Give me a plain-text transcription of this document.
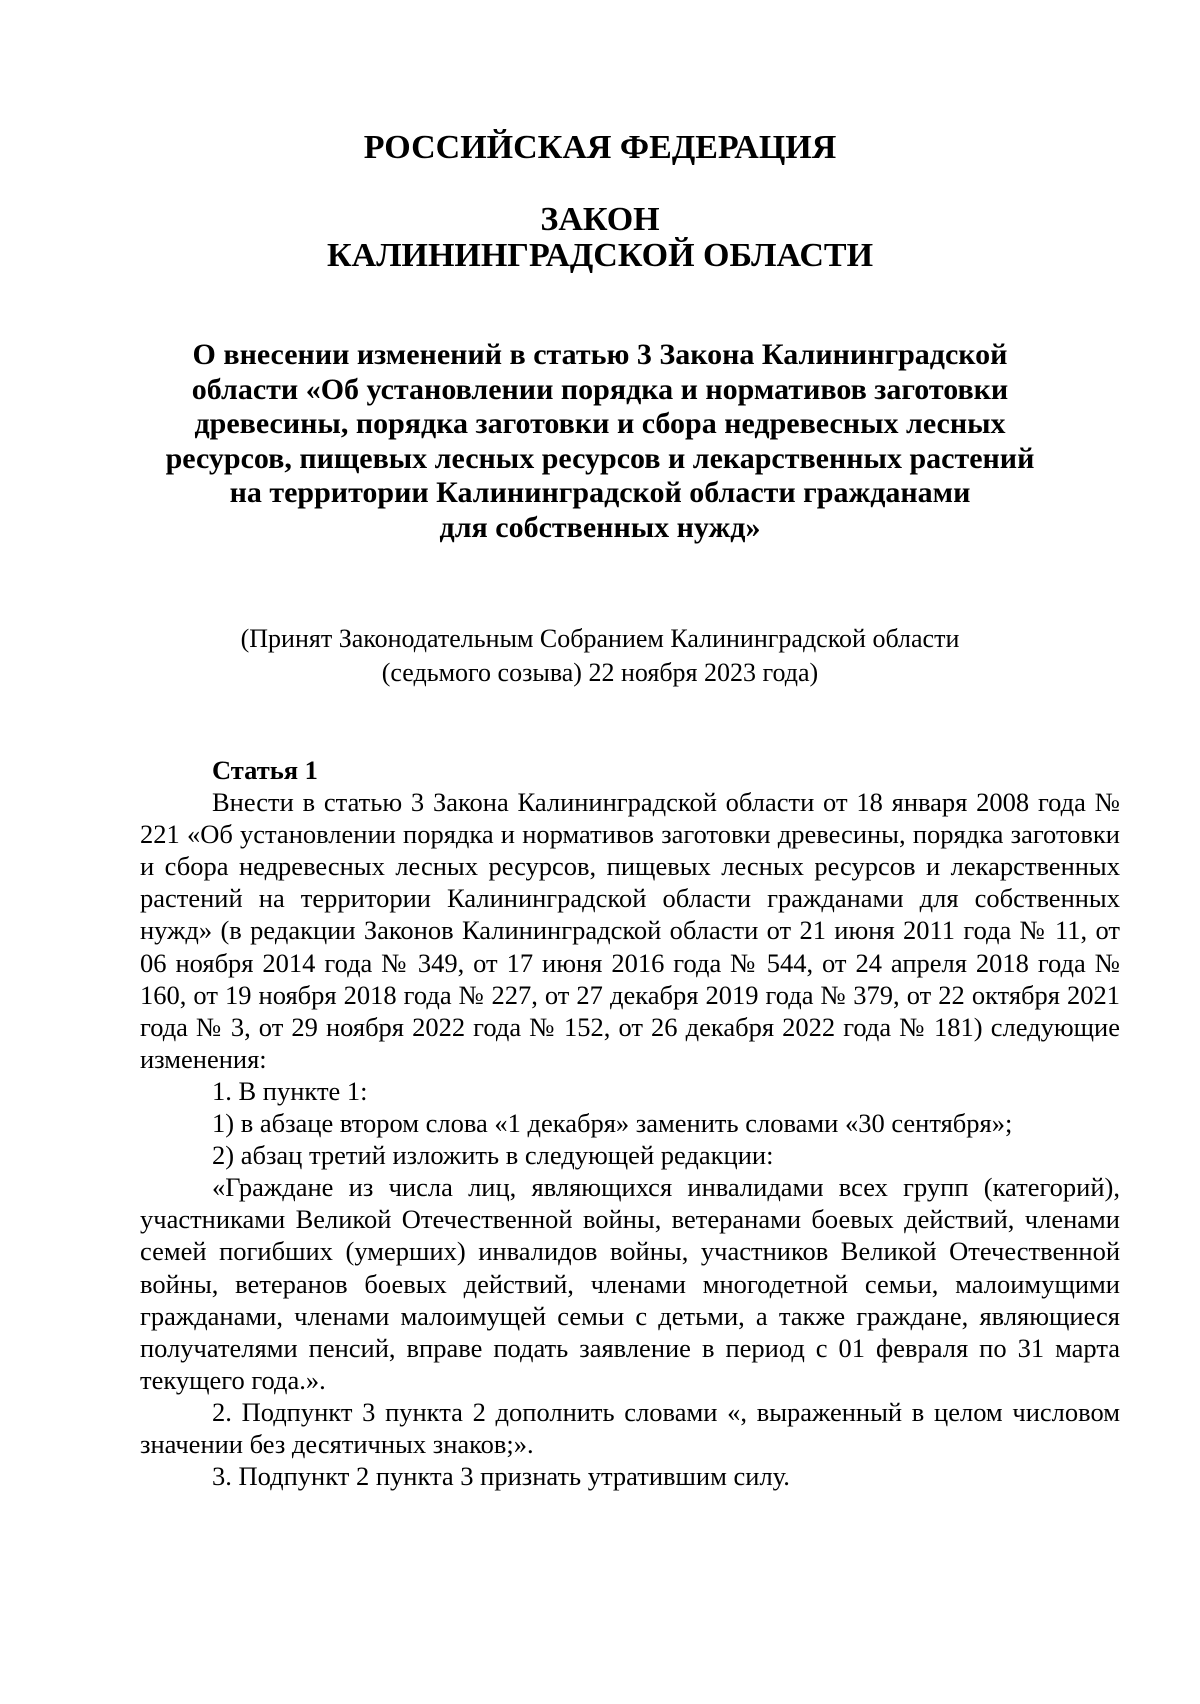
РОССИЙСКАЯ ФЕДЕРАЦИЯ
ЗАКОН
КАЛИНИНГРАДСКОЙ ОБЛАСТИ
О внесении изменений в статью 3 Закона Калининградской
области «Об установлении порядка и нормативов заготовки
древесины, порядка заготовки и сбора недревесных лесных
ресурсов, пищевых лесных ресурсов и лекарственных растений
на территории Калининградской области гражданами
для собственных нужд»
(Принят Законодательным Собранием Калининградской области
(седьмого созыва) 22 ноября 2023 года)
Статья 1

Внести в статью 3 Закона Калининградской области от 18 января 2008 года № 221 «Об установлении порядка и нормативов заготовки древесины, порядка заготовки и сбора недревесных лесных ресурсов, пищевых лесных ресурсов и лекарственных растений на территории Калининградской области гражданами для собственных нужд» (в редакции Законов Калининградской области от 21 июня 2011 года № 11, от 06 ноября 2014 года № 349, от 17 июня 2016 года № 544, от 24 апреля 2018 года № 160, от 19 ноября 2018 года № 227, от 27 декабря 2019 года № 379, от 22 октября 2021 года № 3, от 29 ноября 2022 года № 152, от 26 декабря 2022 года № 181) следующие изменения:

1. В пункте 1:

1) в абзаце втором слова «1 декабря» заменить словами «30 сентября»;

2) абзац третий изложить в следующей редакции:

«Граждане из числа лиц, являющихся инвалидами всех групп (категорий), участниками Великой Отечественной войны, ветеранами боевых действий, членами семей погибших (умерших) инвалидов войны, участников Великой Отечественной войны, ветеранов боевых действий, членами многодетной семьи, малоимущими гражданами, членами малоимущей семьи с детьми, а также граждане, являющиеся получателями пенсий, вправе подать заявление в период с 01 февраля по 31 марта текущего года.».

2. Подпункт 3 пункта 2 дополнить словами «, выраженный в целом числовом значении без десятичных знаков;».

3. Подпункт 2 пункта 3 признать утратившим силу.
